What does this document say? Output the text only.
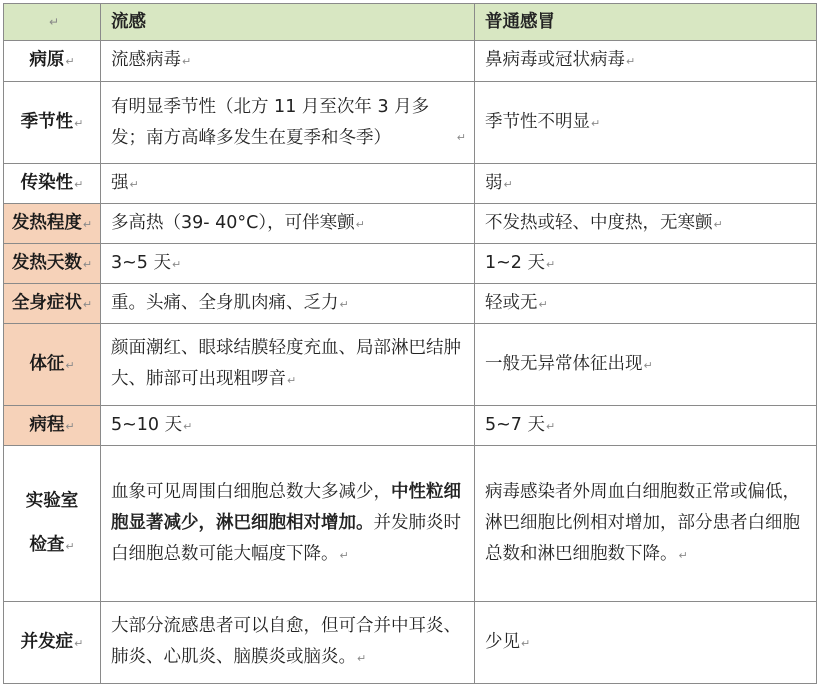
↵	流感	普通感冒
病原↵	流感病毒↵	鼻病毒或冠状病毒↵
季节性↵	有明显季节性（北方 11 月至次年 3 月多发；南方高峰多发生在夏季和冬季） ↵	季节性不明显↵
传染性↵	强↵	弱↵
发热程度↵	多高热（39- 40°C），可伴寒颤↵	不发热或轻、中度热，无寒颤↵
发热天数↵	3~5 天↵	1~2 天↵
全身症状↵	重。头痛、全身肌肉痛、乏力↵	轻或无↵
体征↵	颜面潮红、眼球结膜轻度充血、局部淋巴结肿大、肺部可出现粗啰音↵	一般无异常体征出现↵
病程↵	5~10 天↵	5~7 天↵
实验室
检查↵	血象可见周围白细胞总数大多减少，中性粒细胞显著减少，淋巴细胞相对增加。并发肺炎时白细胞总数可能大幅度下降。↵	病毒感染者外周血白细胞数正常或偏低，淋巴细胞比例相对增加，部分患者白细胞总数和淋巴细胞数下降。↵
并发症↵	大部分流感患者可以自愈，但可合并中耳炎、肺炎、心肌炎、脑膜炎或脑炎。↵	少见↵
